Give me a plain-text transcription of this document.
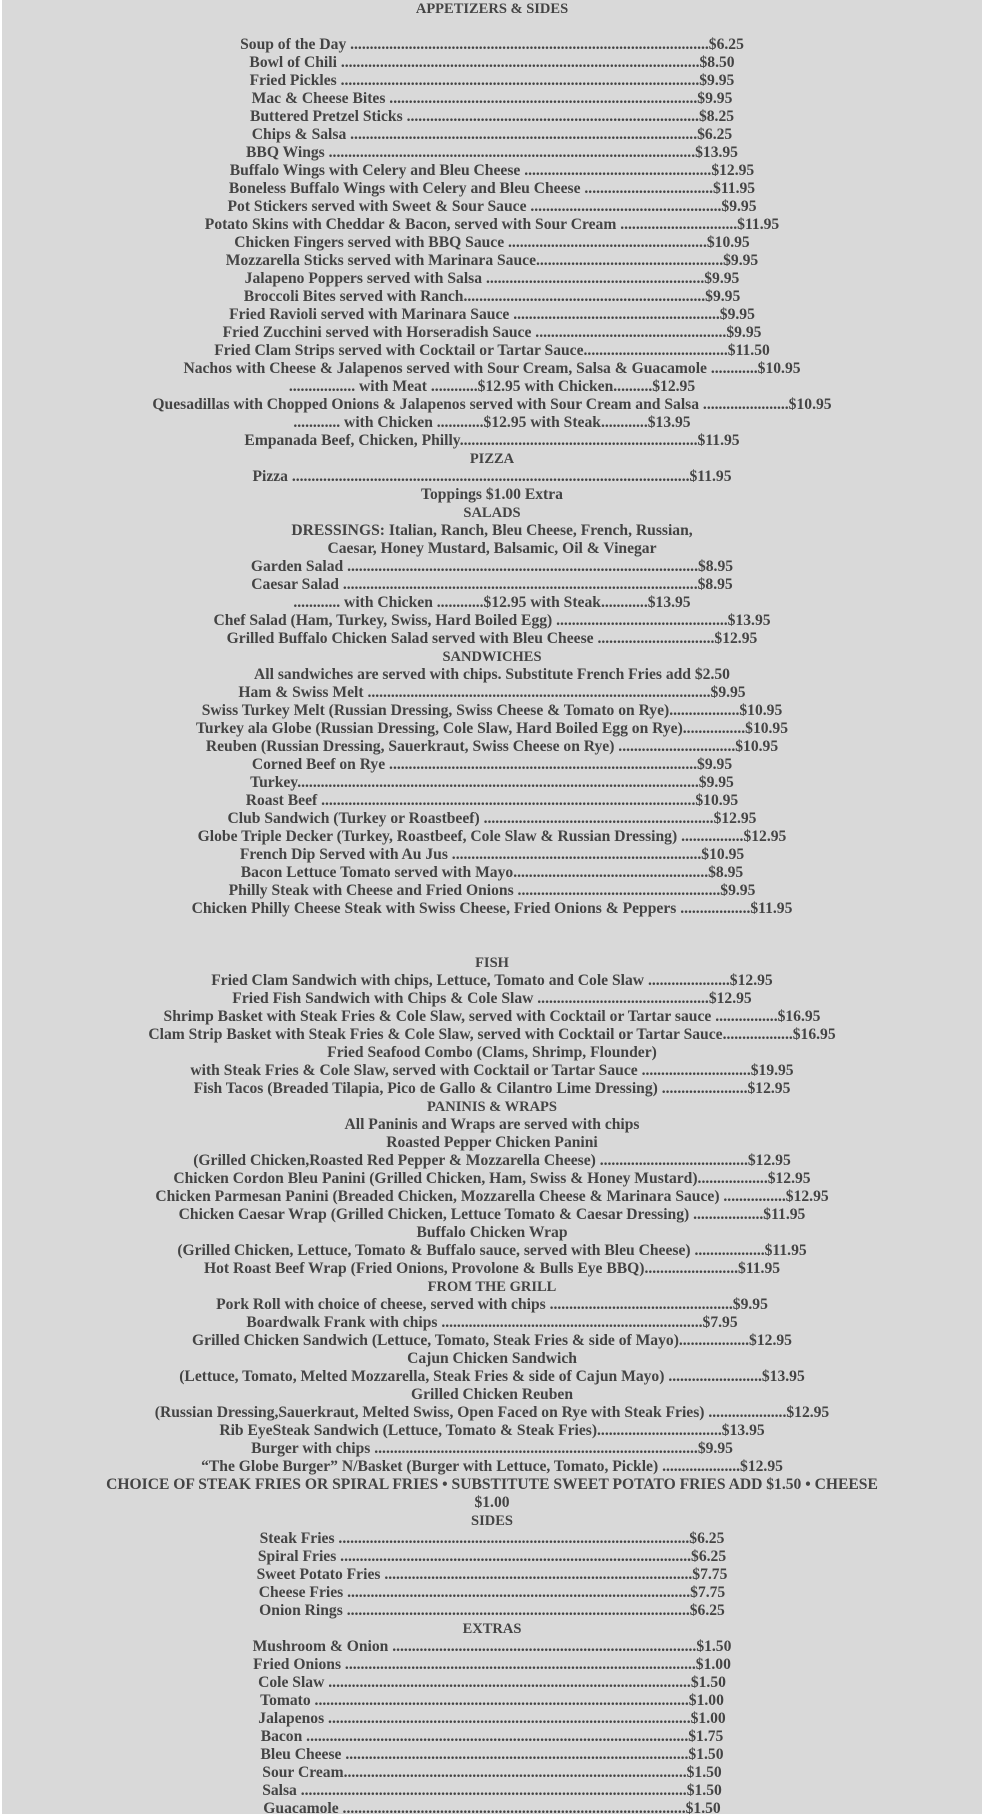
APPETIZERS & SIDES

Soup of the Day ............................................................................................$6.25
Bowl of Chili ............................................................................................$8.50
Fried Pickles ............................................................................................$9.95
Mac & Cheese Bites ...............................................................................$9.95
Buttered Pretzel Sticks ...........................................................................$8.25
Chips & Salsa .........................................................................................$6.25
BBQ Wings ..............................................................................................$13.95
Buffalo Wings with Celery and Bleu Cheese ................................................$12.95
Boneless Buffalo Wings with Celery and Bleu Cheese .................................$11.95
Pot Stickers served with Sweet & Sour Sauce .................................................$9.95
Potato Skins with Cheddar & Bacon, served with Sour Cream ..............................$11.95
Chicken Fingers served with BBQ Sauce ...................................................$10.95
Mozzarella Sticks served with Marinara Sauce................................................$9.95
Jalapeno Poppers served with Salsa ........................................................$9.95
Broccoli Bites served with Ranch..............................................................$9.95
Fried Ravioli served with Marinara Sauce .....................................................$9.95
Fried Zucchini served with Horseradish Sauce .................................................$9.95
Fried Clam Strips served with Cocktail or Tartar Sauce.....................................$11.50
Nachos with Cheese & Jalapenos served with Sour Cream, Salsa & Guacamole ............$10.95
................. with Meat ............$12.95 with Chicken..........$12.95
Quesadillas with Chopped Onions & Jalapenos served with Sour Cream and Salsa ......................$10.95
............ with Chicken ............$12.95 with Steak............$13.95
Empanada Beef, Chicken, Philly.............................................................$11.95
PIZZA
Pizza ......................................................................................................$11.95
Toppings $1.00 Extra
SALADS
DRESSINGS: Italian, Ranch, Bleu Cheese, French, Russian,
Caesar, Honey Mustard, Balsamic, Oil & Vinegar
Garden Salad ..........................................................................................$8.95
Caesar Salad ...........................................................................................$8.95
............ with Chicken ............$12.95 with Steak............$13.95
Chef Salad (Ham, Turkey, Swiss, Hard Boiled Egg) ............................................$13.95
Grilled Buffalo Chicken Salad served with Bleu Cheese ..............................$12.95
SANDWICHES
All sandwiches are served with chips. Substitute French Fries add $2.50
Ham & Swiss Melt ........................................................................................$9.95
Swiss Turkey Melt (Russian Dressing, Swiss Cheese & Tomato on Rye)..................$10.95
Turkey ala Globe (Russian Dressing, Cole Slaw, Hard Boiled Egg on Rye)................$10.95
Reuben (Russian Dressing, Sauerkraut, Swiss Cheese on Rye) ..............................$10.95
Corned Beef on Rye ...............................................................................$9.95
Turkey.......................................................................................................$9.95
Roast Beef ................................................................................................$10.95
Club Sandwich (Turkey or Roastbeef) ...........................................................$12.95
Globe Triple Decker (Turkey, Roastbeef, Cole Slaw & Russian Dressing) ................$12.95
French Dip Served with Au Jus ................................................................$10.95
Bacon Lettuce Tomato served with Mayo..................................................$8.95
Philly Steak with Cheese and Fried Onions ....................................................$9.95
Chicken Philly Cheese Steak with Swiss Cheese, Fried Onions & Peppers ..................$11.95
FISH
Fried Clam Sandwich with chips, Lettuce, Tomato and Cole Slaw .....................$12.95
Fried Fish Sandwich with Chips & Cole Slaw ............................................$12.95
Shrimp Basket with Steak Fries & Cole Slaw, served with Cocktail or Tartar sauce ................$16.95
Clam Strip Basket with Steak Fries & Cole Slaw, served with Cocktail or Tartar Sauce..................$16.95
Fried Seafood Combo (Clams, Shrimp, Flounder)
with Steak Fries & Cole Slaw, served with Cocktail or Tartar Sauce ............................$19.95
Fish Tacos (Breaded Tilapia, Pico de Gallo & Cilantro Lime Dressing) ......................$12.95
PANINIS & WRAPS
All Paninis and Wraps are served with chips
Roasted Pepper Chicken Panini
(Grilled Chicken,Roasted Red Pepper & Mozzarella Cheese) ......................................$12.95
Chicken Cordon Bleu Panini (Grilled Chicken, Ham, Swiss & Honey Mustard)..................$12.95
Chicken Parmesan Panini (Breaded Chicken, Mozzarella Cheese & Marinara Sauce) ................$12.95
Chicken Caesar Wrap (Grilled Chicken, Lettuce Tomato & Caesar Dressing) ..................$11.95
Buffalo Chicken Wrap
(Grilled Chicken, Lettuce, Tomato & Buffalo sauce, served with Bleu Cheese) ..................$11.95
Hot Roast Beef Wrap (Fried Onions, Provolone & Bulls Eye BBQ)........................$11.95
FROM THE GRILL
Pork Roll with choice of cheese, served with chips ...............................................$9.95
Boardwalk Frank with chips ...................................................................$7.95
Grilled Chicken Sandwich (Lettuce, Tomato, Steak Fries & side of Mayo)..................$12.95
Cajun Chicken Sandwich
(Lettuce, Tomato, Melted Mozzarella, Steak Fries & side of Cajun Mayo) ........................$13.95
Grilled Chicken Reuben
(Russian Dressing,Sauerkraut, Melted Swiss, Open Faced on Rye with Steak Fries) ....................$12.95
Rib EyeSteak Sandwich (Lettuce, Tomato & Steak Fries)................................$13.95
Burger with chips ...................................................................................$9.95
“The Globe Burger” N/Basket (Burger with Lettuce, Tomato, Pickle) ....................$12.95
CHOICE OF STEAK FRIES OR SPIRAL FRIES • SUBSTITUTE SWEET POTATO FRIES ADD $1.50 • CHEESE $1.00
SIDES
Steak Fries ..........................................................................................$6.25
Spiral Fries ..........................................................................................$6.25
Sweet Potato Fries ...............................................................................$7.75
Cheese Fries ........................................................................................$7.75
Onion Rings ........................................................................................$6.25
EXTRAS
Mushroom & Onion ..............................................................................$1.50
Fried Onions ..........................................................................................$1.00
Cole Slaw .............................................................................................$1.50
Tomato ................................................................................................$1.00
Jalapenos .............................................................................................$1.00
Bacon ..................................................................................................$1.75
Bleu Cheese ........................................................................................$1.50
Sour Cream........................................................................................$1.50
Salsa ...................................................................................................$1.50
Guacamole ........................................................................................$1.50
